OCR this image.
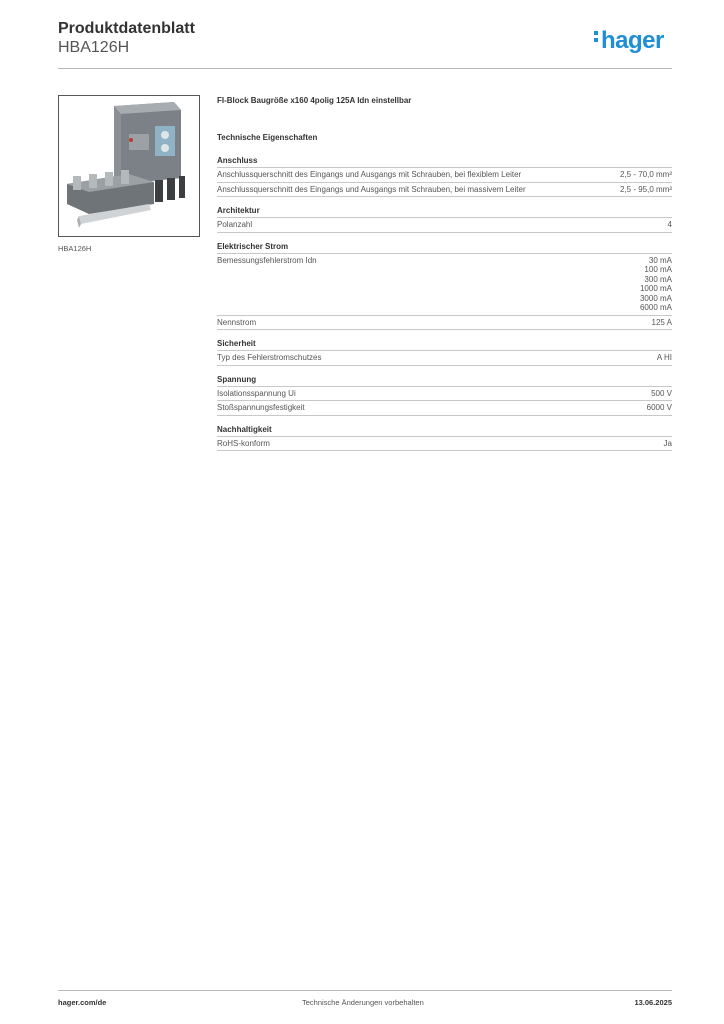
Produktdatenblatt
HBA126H	hager
HBA126H
FI-Block Baugröße x160 4polig 125A Idn einstellbar
Technische Eigenschaften
Anschluss
Anschlussquerschnitt des Eingangs und Ausgangs mit Schrauben, bei flexiblem Leiter	2,5 - 70,0 mm²
Anschlussquerschnitt des Eingangs und Ausgangs mit Schrauben, bei massivem Leiter	2,5 - 95,0 mm²
Architektur
Polanzahl	4
Elektrischer Strom
Bemessungsfehlerstrom Idn	30 mA
100 mA
300 mA
1000 mA
3000 mA
6000 mA
Nennstrom	125 A
Sicherheit
Typ des Fehlerstromschutzes	A HI
Spannung
Isolationsspannung Ui	500 V
Stoßspannungsfestigkeit	6000 V
Nachhaltigkeit
RoHS-konform	Ja
hager.com/de	Technische Änderungen vorbehalten	13.06.2025
